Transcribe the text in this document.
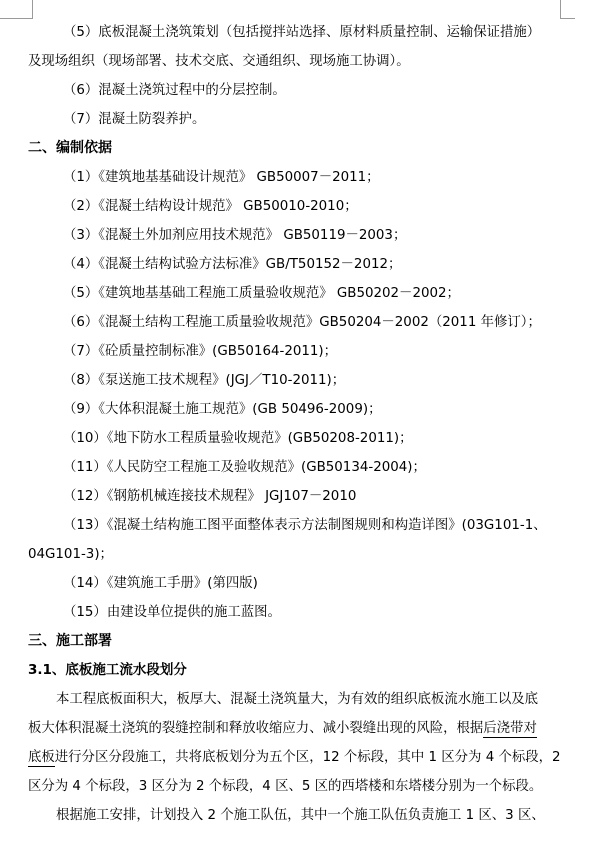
（5）底板混凝土浇筑策划（包括搅拌站选择、原材料质量控制、运输保证措施）
及现场组织（现场部署、技术交底、交通组织、现场施工协调）。
（6）混凝土浇筑过程中的分层控制。
（7）混凝土防裂养护。
二、编制依据
（1）《建筑地基基础设计规范》 GB50007－2011；
（2）《混凝土结构设计规范》 GB50010-2010；
（3）《混凝土外加剂应用技术规范》 GB50119－2003；
（4）《混凝土结构试验方法标准》GB/T50152－2012；
（5）《建筑地基基础工程施工质量验收规范》 GB50202－2002；
（6）《混凝土结构工程施工质量验收规范》GB50204－2002（2011 年修订）；
（7）《砼质量控制标准》(GB50164-2011)；
（8）《泵送施工技术规程》(JGJ／T10-2011)；
（9）《大体积混凝土施工规范》(GB 50496-2009)；
（10）《地下防水工程质量验收规范》(GB50208-2011)；
（11）《人民防空工程施工及验收规范》(GB50134-2004)；
（12）《钢筋机械连接技术规程》 JGJ107－2010
（13）《混凝土结构施工图平面整体表示方法制图规则和构造详图》(03G101-1、
04G101-3)；
（14）《建筑施工手册》(第四版)
（15）由建设单位提供的施工蓝图。
三、施工部署
3.1、底板施工流水段划分
本工程底板面积大，板厚大、混凝土浇筑量大，为有效的组织底板流水施工以及底
板大体积混凝土浇筑的裂缝控制和释放收缩应力、减小裂缝出现的风险，根据后浇带对
底板进行分区分段施工，共将底板划分为五个区，12 个标段，其中 1 区分为 4 个标段，2
区分为 4 个标段，3 区分为 2 个标段，4 区、5 区的西塔楼和东塔楼分别为一个标段。
根据施工安排，计划投入 2 个施工队伍，其中一个施工队伍负责施工 1 区、3 区、
